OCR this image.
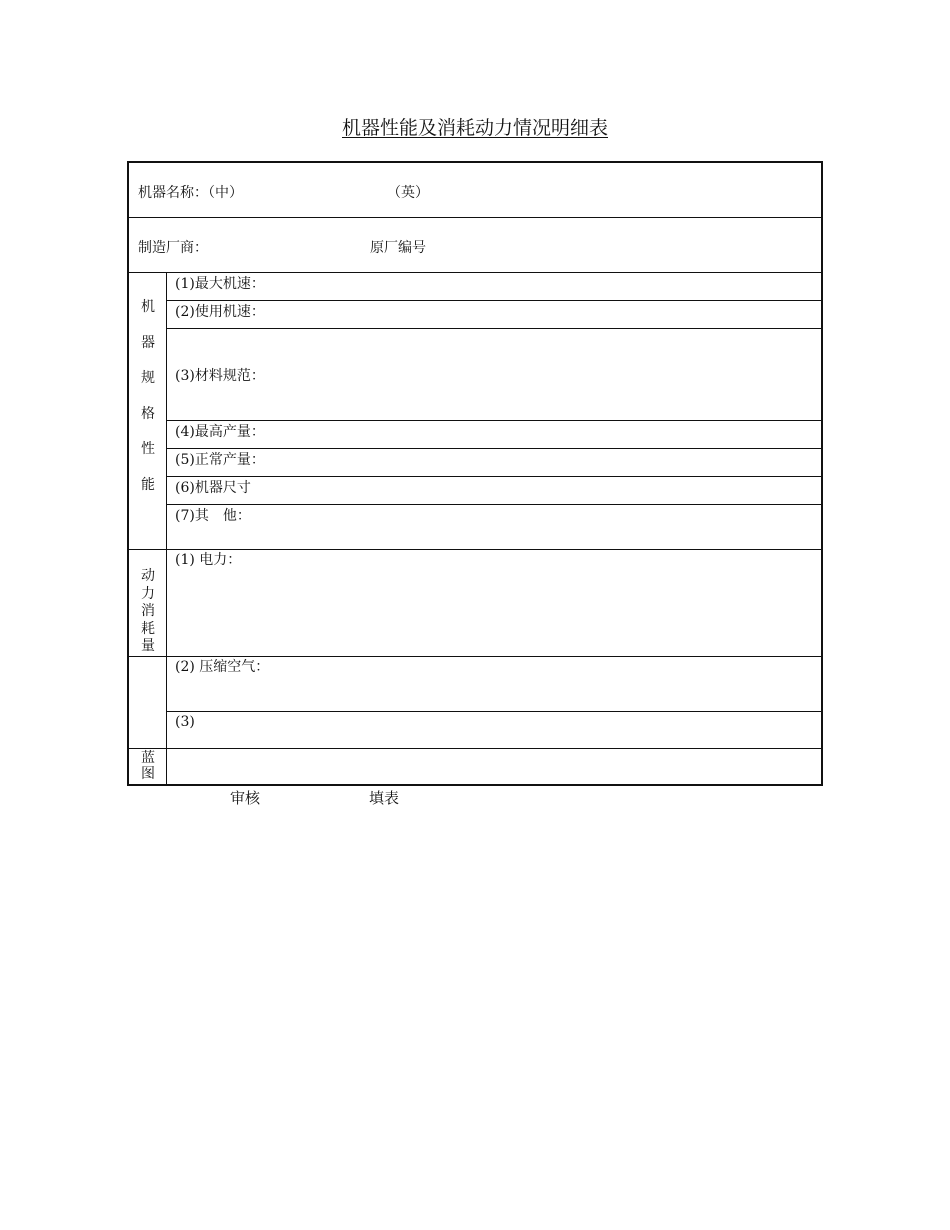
机器性能及消耗动力情况明细表
机器名称：（中）	（英）
制造厂商：	原厂编号
机
器
规
格
性
能
(1)最大机速：
(2)使用机速：
(3)材料规范：
(4)最高产量：
(5)正常产量：
(6)机器尺寸
(7)其　他：
动
力
消
耗
量
(1) 电力：
(2) 压缩空气：
(3)
蓝
图
审核	填表
